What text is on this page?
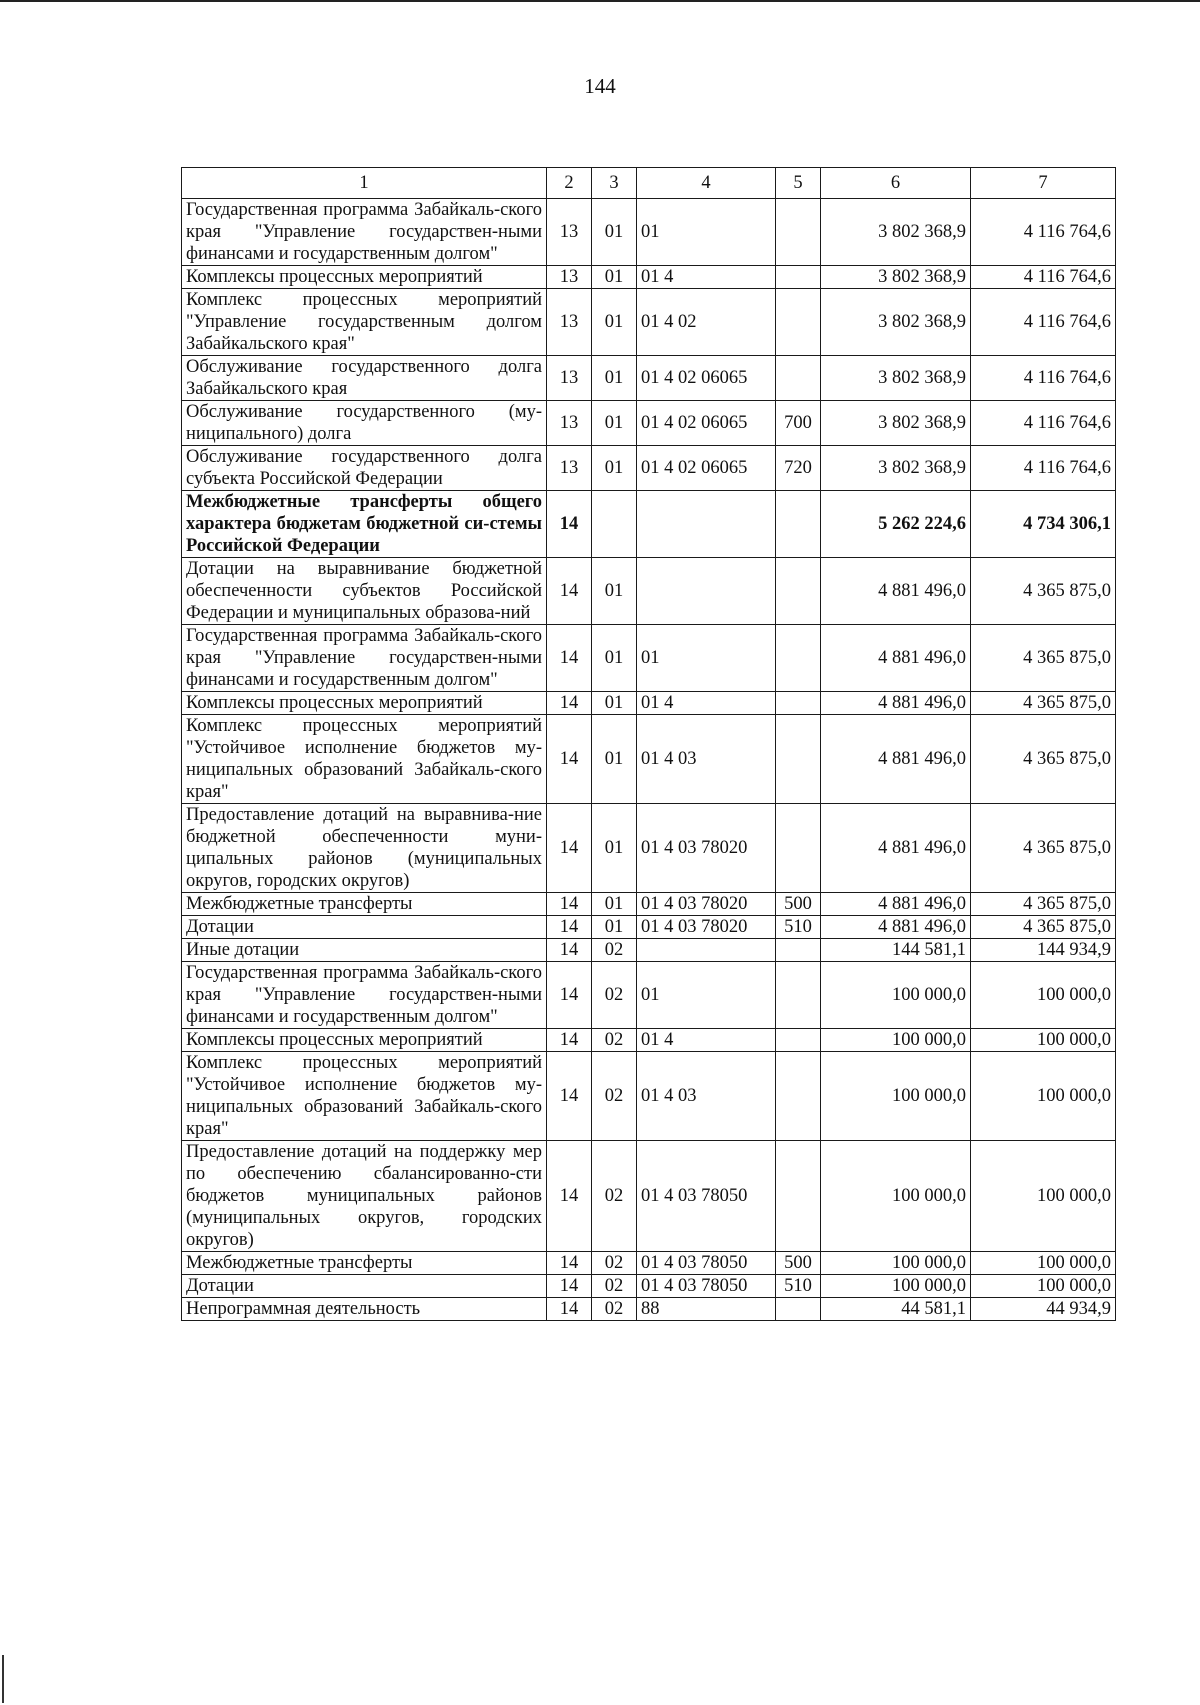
144
1	2	3	4	5	6	7
Государственная программа Забайкаль-ского края "Управление государствен-ными финансами и государственным долгом"	13	01	01		3 802 368,9	4 116 764,6
Комплексы процессных мероприятий	13	01	01 4		3 802 368,9	4 116 764,6
Комплекс процессных мероприятий "Управление государственным долгом Забайкальского края"	13	01	01 4 02		3 802 368,9	4 116 764,6
Обслуживание государственного долга Забайкальского края	13	01	01 4 02 06065		3 802 368,9	4 116 764,6
Обслуживание государственного (му-ниципального) долга	13	01	01 4 02 06065	700	3 802 368,9	4 116 764,6
Обслуживание государственного долга субъекта Российской Федерации	13	01	01 4 02 06065	720	3 802 368,9	4 116 764,6
Межбюджетные трансферты общего характера бюджетам бюджетной си-стемы Российской Федерации	14				5 262 224,6	4 734 306,1
Дотации на выравнивание бюджетной обеспеченности субъектов Российской Федерации и муниципальных образова-ний	14	01			4 881 496,0	4 365 875,0
Государственная программа Забайкаль-ского края "Управление государствен-ными финансами и государственным долгом"	14	01	01		4 881 496,0	4 365 875,0
Комплексы процессных мероприятий	14	01	01 4		4 881 496,0	4 365 875,0
Комплекс процессных мероприятий "Устойчивое исполнение бюджетов му-ниципальных образований Забайкаль-ского края"	14	01	01 4 03		4 881 496,0	4 365 875,0
Предоставление дотаций на выравнива-ние бюджетной обеспеченности муни-ципальных районов (муниципальных округов, городских округов)	14	01	01 4 03 78020		4 881 496,0	4 365 875,0
Межбюджетные трансферты	14	01	01 4 03 78020	500	4 881 496,0	4 365 875,0
Дотации	14	01	01 4 03 78020	510	4 881 496,0	4 365 875,0
Иные дотации	14	02			144 581,1	144 934,9
Государственная программа Забайкаль-ского края "Управление государствен-ными финансами и государственным долгом"	14	02	01		100 000,0	100 000,0
Комплексы процессных мероприятий	14	02	01 4		100 000,0	100 000,0
Комплекс процессных мероприятий "Устойчивое исполнение бюджетов му-ниципальных образований Забайкаль-ского края"	14	02	01 4 03		100 000,0	100 000,0
Предоставление дотаций на поддержку мер по обеспечению сбалансированно-сти бюджетов муниципальных районов (муниципальных округов, городских округов)	14	02	01 4 03 78050		100 000,0	100 000,0
Межбюджетные трансферты	14	02	01 4 03 78050	500	100 000,0	100 000,0
Дотации	14	02	01 4 03 78050	510	100 000,0	100 000,0
Непрограммная деятельность	14	02	88		44 581,1	44 934,9
